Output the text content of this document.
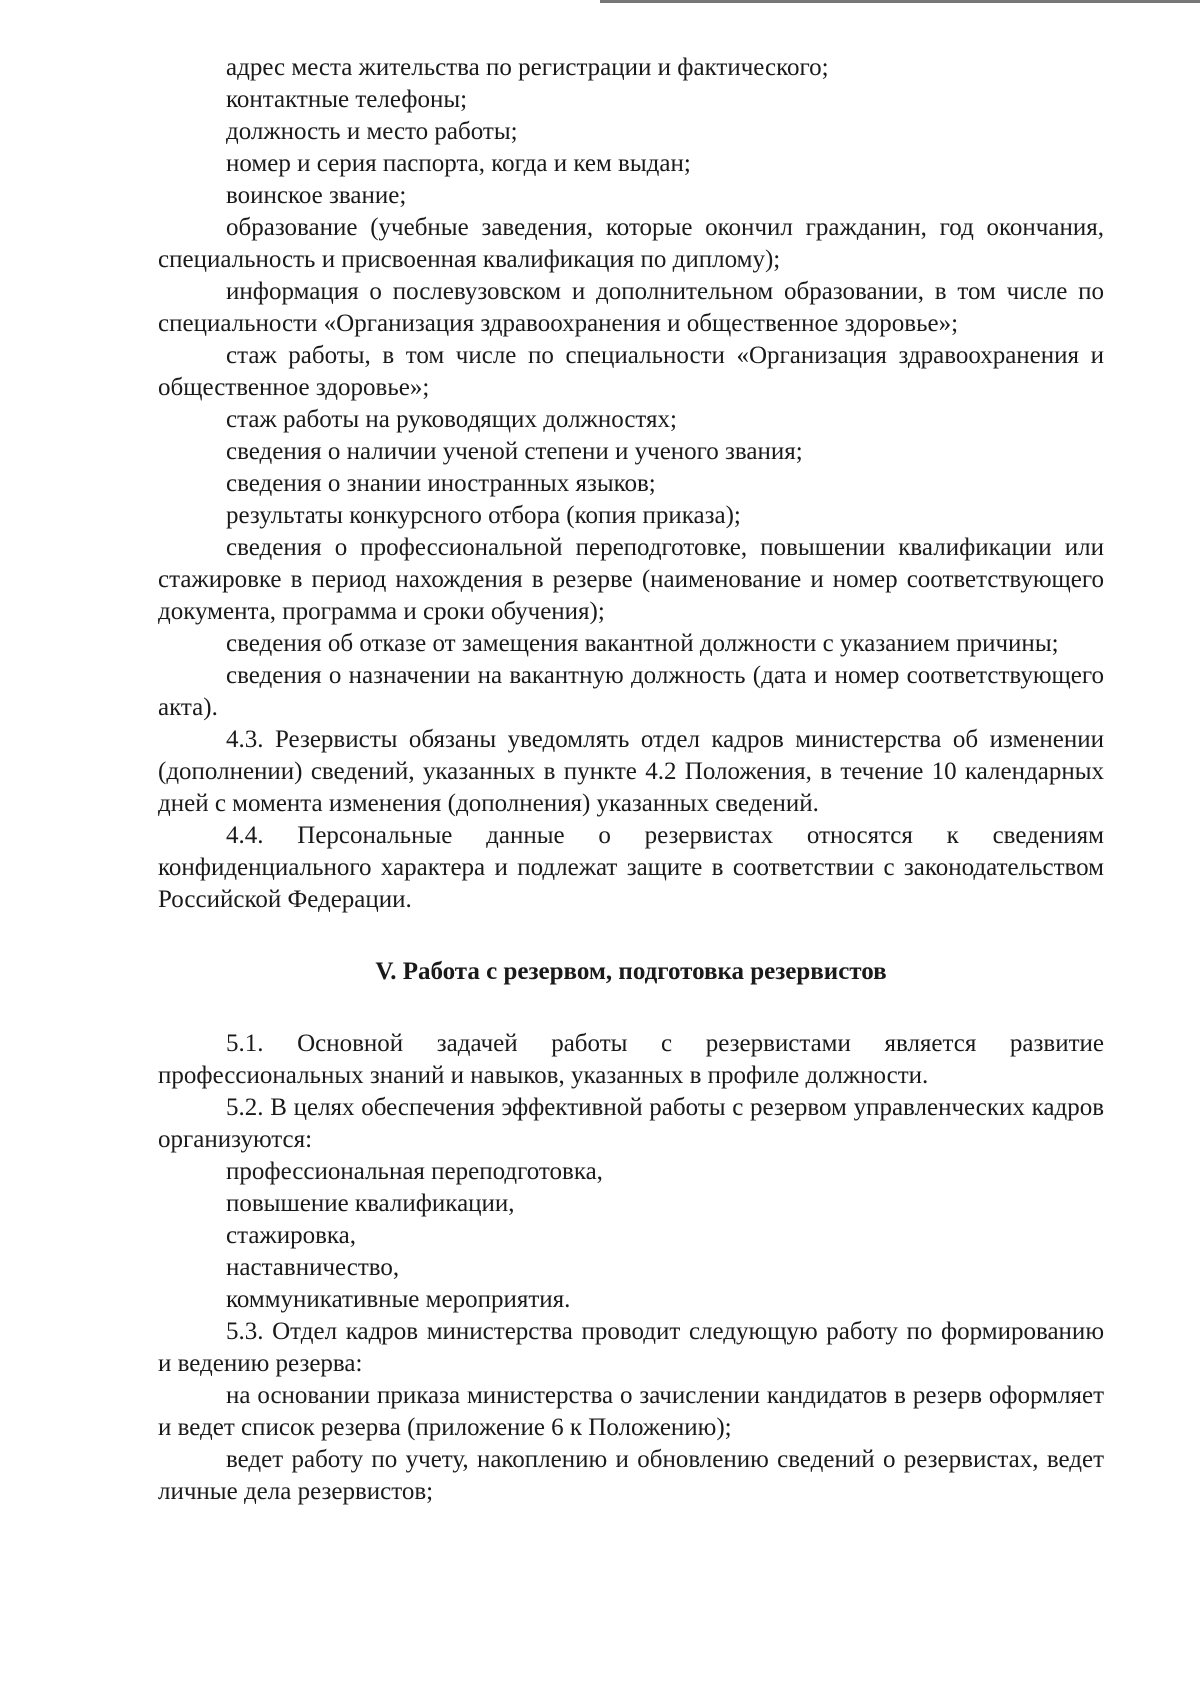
адрес места жительства по регистрации и фактического;

контактные телефоны;

должность и место работы;

номер и серия паспорта, когда и кем выдан;

воинское звание;

образование (учебные заведения, которые окончил гражданин, год окончания, специальность и присвоенная квалификация по диплому);

информация о послевузовском и дополнительном образовании, в том числе по специальности «Организация здравоохранения и общественное здоровье»;

стаж работы, в том числе по специальности «Организация здравоохранения и общественное здоровье»;

стаж работы на руководящих должностях;

сведения о наличии ученой степени и ученого звания;

сведения о знании иностранных языков;

результаты конкурсного отбора (копия приказа);

сведения о профессиональной переподготовке, повышении квалификации или стажировке в период нахождения в резерве (наименование и номер соответствующего документа, программа и сроки обучения);

сведения об отказе от замещения вакантной должности с указанием причины;

сведения о назначении на вакантную должность (дата и номер соответствующего акта).

4.3. Резервисты обязаны уведомлять отдел кадров министерства об изменении (дополнении) сведений, указанных в пункте 4.2 Положения, в течение 10 календарных дней с момента изменения (дополнения) указанных сведений.

4.4. Персональные данные о резервистах относятся к сведениям конфиденциального характера и подлежат защите в соответствии с законодательством Российской Федерации.

V. Работа с резервом, подготовка резервистов

5.1. Основной задачей работы с резервистами является развитие профессиональных знаний и навыков, указанных в профиле должности.

5.2. В целях обеспечения эффективной работы с резервом управленческих кадров организуются:

профессиональная переподготовка,

повышение квалификации,

стажировка,

наставничество,

коммуникативные мероприятия.

5.3. Отдел кадров министерства проводит следующую работу по формированию и ведению резерва:

на основании приказа министерства о зачислении кандидатов в резерв оформляет и ведет список резерва (приложение 6 к Положению);

ведет работу по учету, накоплению и обновлению сведений о резервистах, ведет личные дела резервистов;
